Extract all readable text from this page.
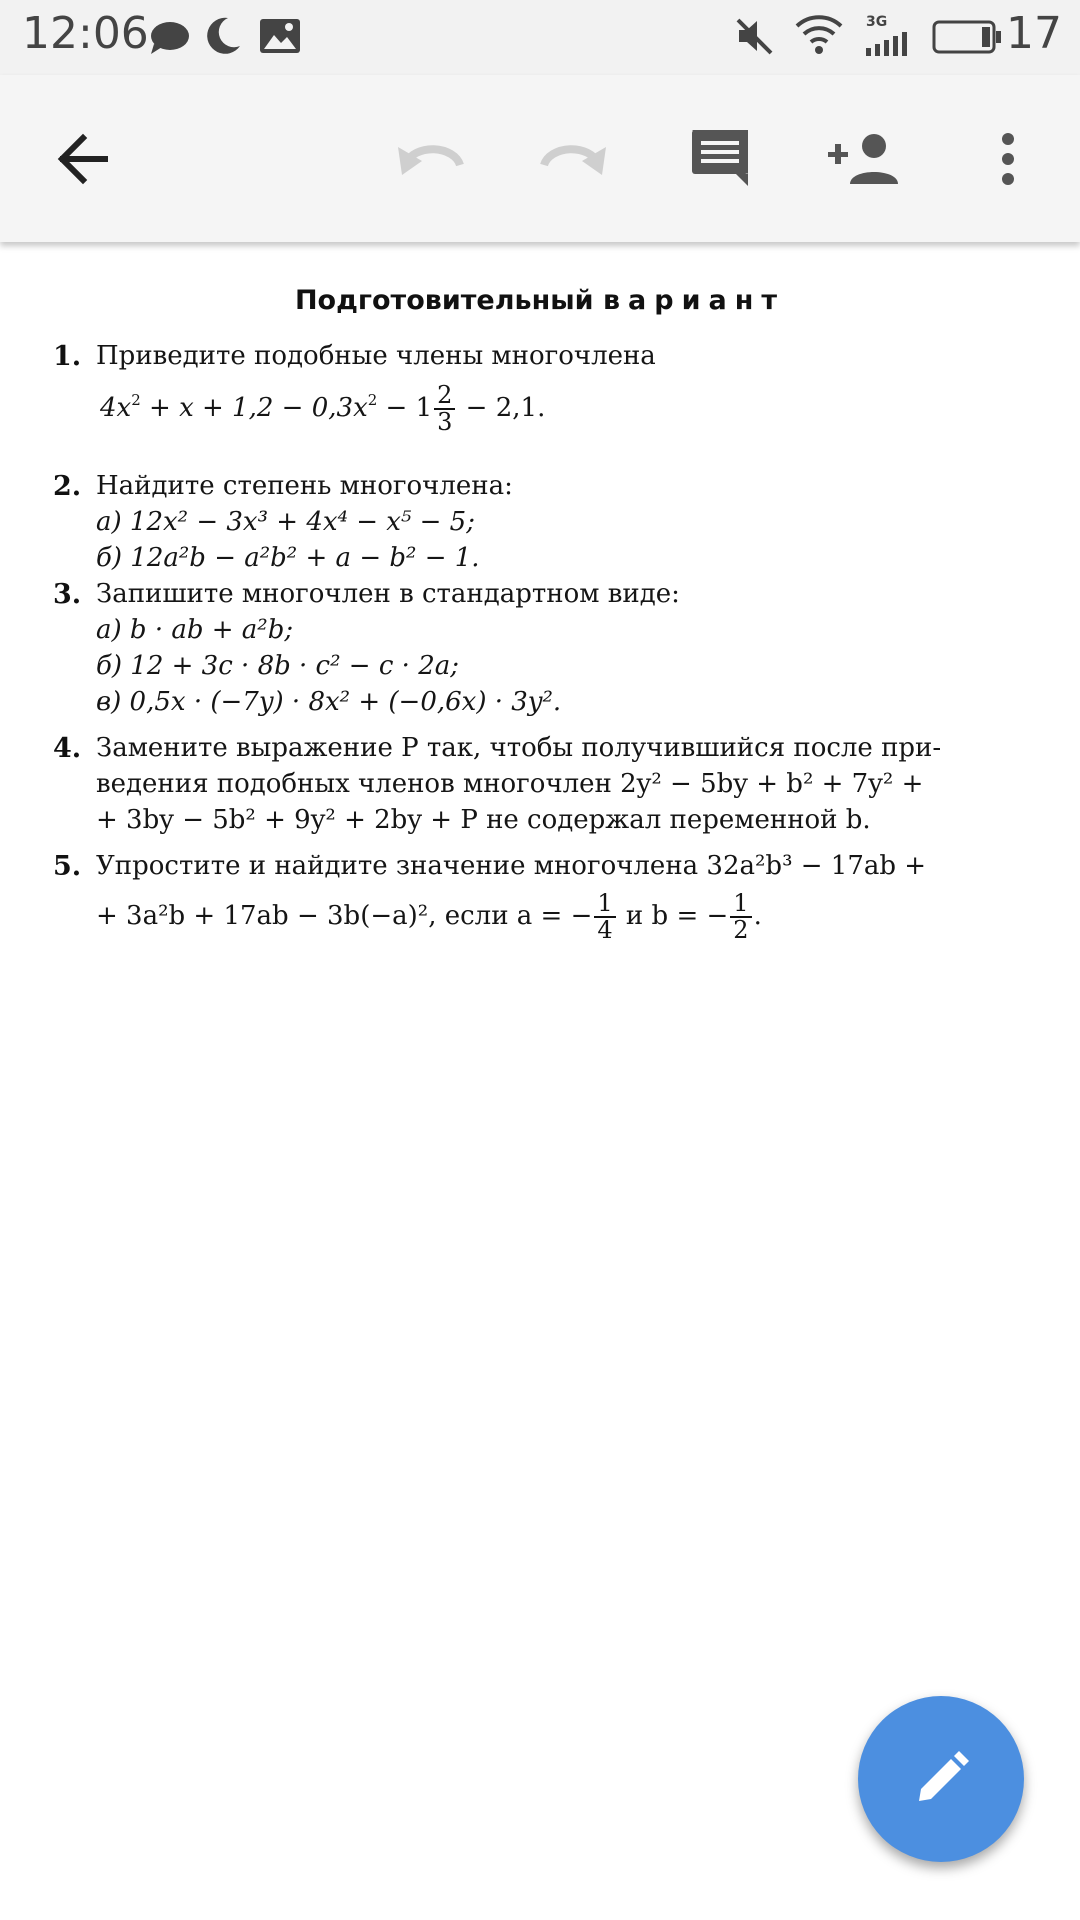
12:06	3G	17
Подготовительный вариант
1. Приведите подобные члены многочлена
$4x^2 + x + 1,2 - 0,3x^2 - 1 \frac{2}{3} - 2,1$.
2. Найдите степень многочлена:
а) 12x² − 3x³ + 4x⁴ − x⁵ − 5;
б) 12a²b − a²b² + a − b² − 1.
3. Запишите многочлен в стандартном виде:
а) b · ab + a²b;
б) 12 + 3c · 8b · c² − c · 2a;
в) 0,5x · (−7y) · 8x² + (−0,6x) · 3y².
4. Замените выражение P так, чтобы получившийся после при-
ведения подобных членов многочлен 2y² − 5by + b² + 7y² +
+ 3by − 5b² + 9y² + 2by + P не содержал переменной b.
5. Упростите и найдите значение многочлена 32a²b³ − 17ab +
+ 3a²b + 17ab − 3b(−a)², если a = − $\frac{1}{4}$ и b = − $\frac{1}{2}$ .
